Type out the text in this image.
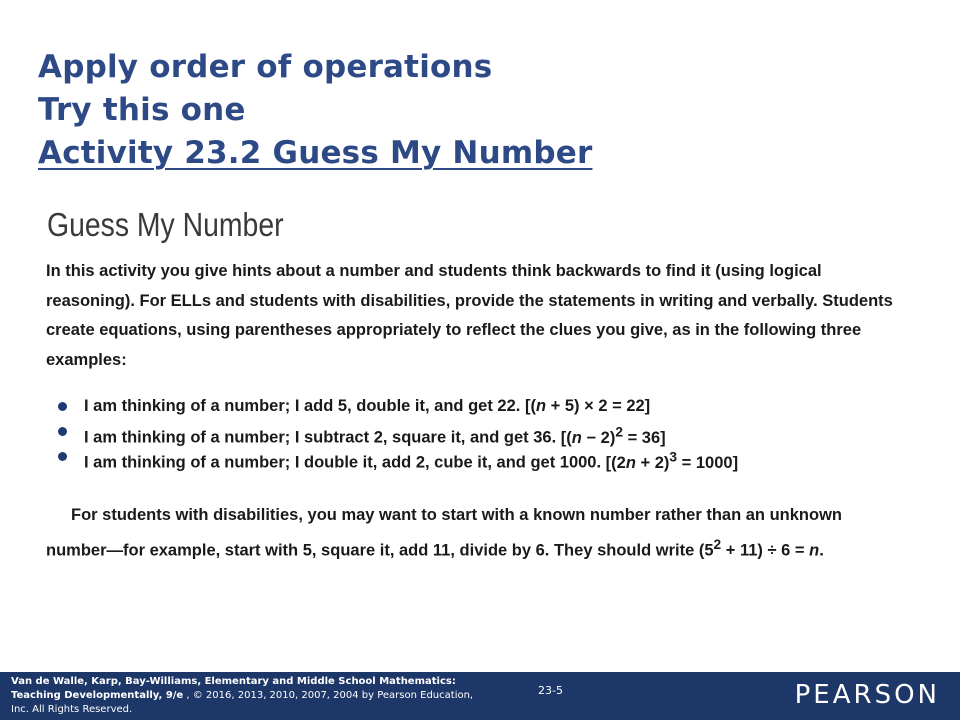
Apply order of operations
Try this one
Activity 23.2 Guess My Number
Guess My Number
In this activity you give hints about a number and students think backwards to find it (using logical
reasoning). For ELLs and students with disabilities, provide the statements in writing and verbally. Students
create equations, using parentheses appropriately to reflect the clues you give, as in the following three
examples:
I am thinking of a number; I add 5, double it, and get 22. [(n + 5) × 2 = 22]
I am thinking of a number; I subtract 2, square it, and get 36. $[(n - 2)^2 = 36]$
I am thinking of a number; I double it, add 2, cube it, and get 1000. $[(2n + 2)^3 = 1000]$
For students with disabilities, you may want to start with a known number rather than an unknown
number—for example, start with 5, square it, add 11, divide by 6. They should write $(5^2 + 11) \div 6 = n$.
Van de Walle, Karp, Bay-Williams, Elementary and Middle School Mathematics: Teaching Developmentally, 9/e , © 2016, 2013, 2010, 2007, 2004 by Pearson Education, Inc. All Rights Reserved.
23-5	PEARSON
